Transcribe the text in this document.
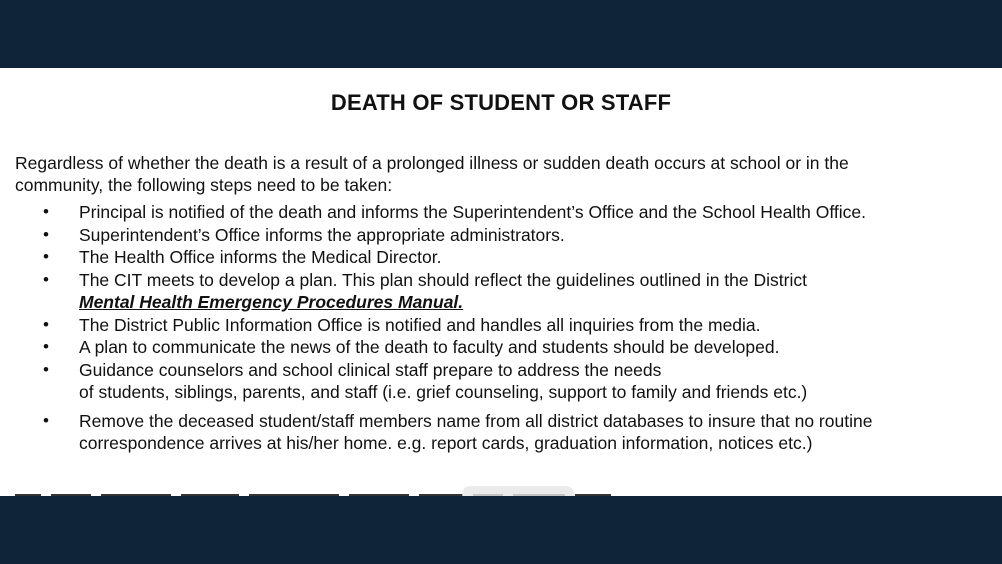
DEATH OF STUDENT OR STAFF
Regardless of whether the death is a result of a prolonged illness or sudden death occurs at school or in the
community, the following steps need to be taken:
• Principal is notified of the death and informs the Superintendent’s Office and the School Health Office.
• Superintendent’s Office informs the appropriate administrators.
• The Health Office informs the Medical Director.
• The CIT meets to develop a plan. This plan should reflect the guidelines outlined in the District
Mental Health Emergency Procedures Manual.
• The District Public Information Office is notified and handles all inquiries from the media.
• A plan to communicate the news of the death to faculty and students should be developed.
• Guidance counselors and school clinical staff prepare to address the needs
of students, siblings, parents, and staff (i.e. grief counseling, support to family and friends etc.)
• Remove the deceased student/staff members name from all district databases to insure that no routine
correspondence arrives at his/her home. e.g. report cards, graduation information, notices etc.)
